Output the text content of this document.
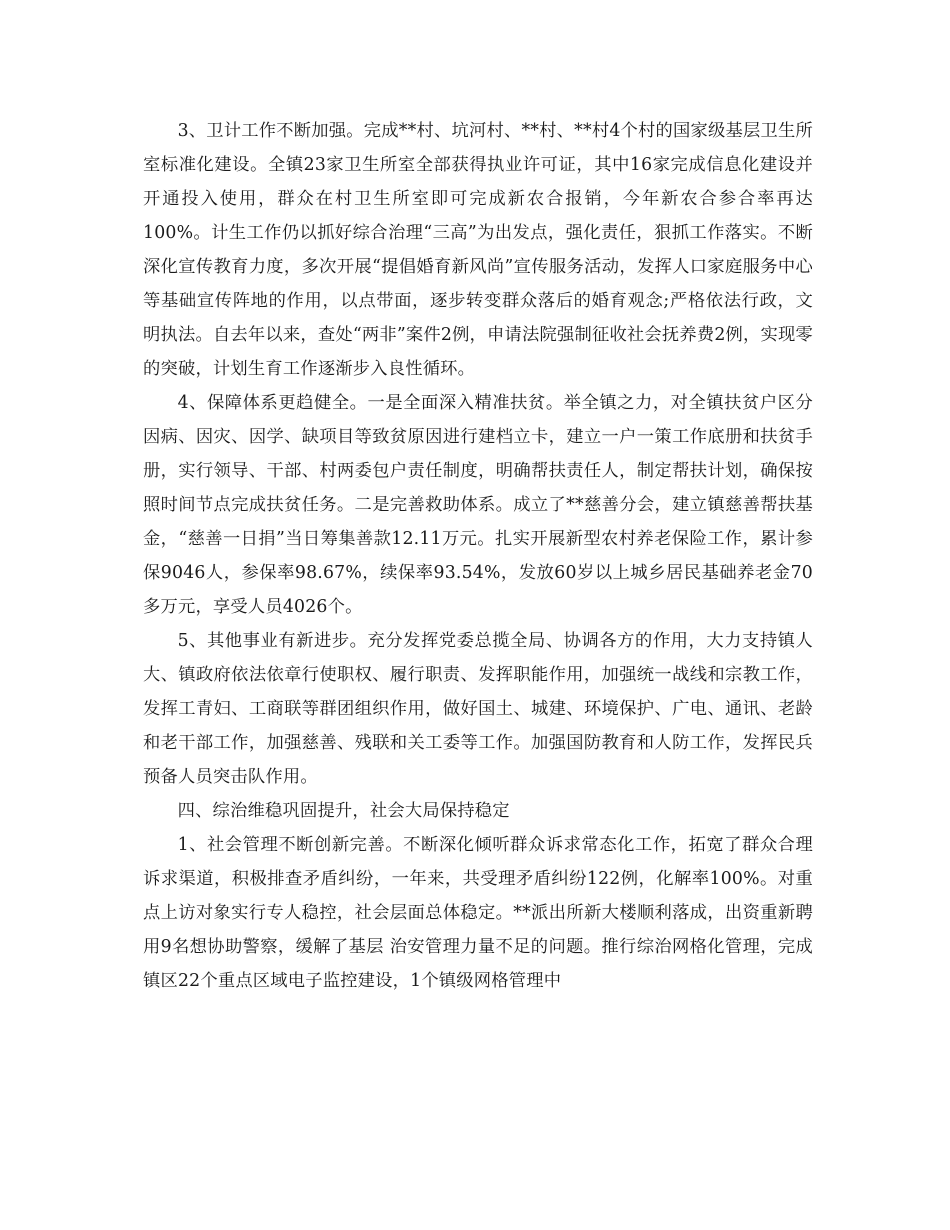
3、卫计工作不断加强。完成**村、坑河村、**村、**村4个村的国家级基层卫生所室标准化建设。全镇23家卫生所室全部获得执业许可证，其中16家完成信息化建设并开通投入使用，群众在村卫生所室即可完成新农合报销，今年新农合参合率再达100%。计生工作仍以抓好综合治理“三高”为出发点，强化责任，狠抓工作落实。不断深化宣传教育力度，多次开展“提倡婚育新风尚”宣传服务活动，发挥人口家庭服务中心等基础宣传阵地的作用，以点带面，逐步转变群众落后的婚育观念;严格依法行政，文明执法。自去年以来，查处“两非”案件2例，申请法院强制征收社会抚养费2例，实现零的突破，计划生育工作逐渐步入良性循环。

4、保障体系更趋健全。一是全面深入精准扶贫。举全镇之力，对全镇扶贫户区分因病、因灾、因学、缺项目等致贫原因进行建档立卡，建立一户一策工作底册和扶贫手册，实行领导、干部、村两委包户责任制度，明确帮扶责任人，制定帮扶计划，确保按照时间节点完成扶贫任务。二是完善救助体系。成立了**慈善分会，建立镇慈善帮扶基金，“慈善一日捐”当日筹集善款12.11万元。扎实开展新型农村养老保险工作，累计参保9046人，参保率98.67%，续保率93.54%，发放60岁以上城乡居民基础养老金70多万元，享受人员4026个。

5、其他事业有新进步。充分发挥党委总揽全局、协调各方的作用，大力支持镇人大、镇政府依法依章行使职权、履行职责、发挥职能作用，加强统一战线和宗教工作，发挥工青妇、工商联等群团组织作用，做好国土、城建、环境保护、广电、通讯、老龄和老干部工作，加强慈善、残联和关工委等工作。加强国防教育和人防工作，发挥民兵预备人员突击队作用。

四、综治维稳巩固提升，社会大局保持稳定

1、社会管理不断创新完善。不断深化倾听群众诉求常态化工作，拓宽了群众合理诉求渠道，积极排查矛盾纠纷，一年来，共受理矛盾纠纷122例，化解率100%。对重点上访对象实行专人稳控，社会层面总体稳定。**派出所新大楼顺利落成，出资重新聘用9名想协助警察，缓解了基层 治安管理力量不足的问题。推行综治网格化管理，完成镇区22个重点区域电子监控建设，1个镇级网格管理中
